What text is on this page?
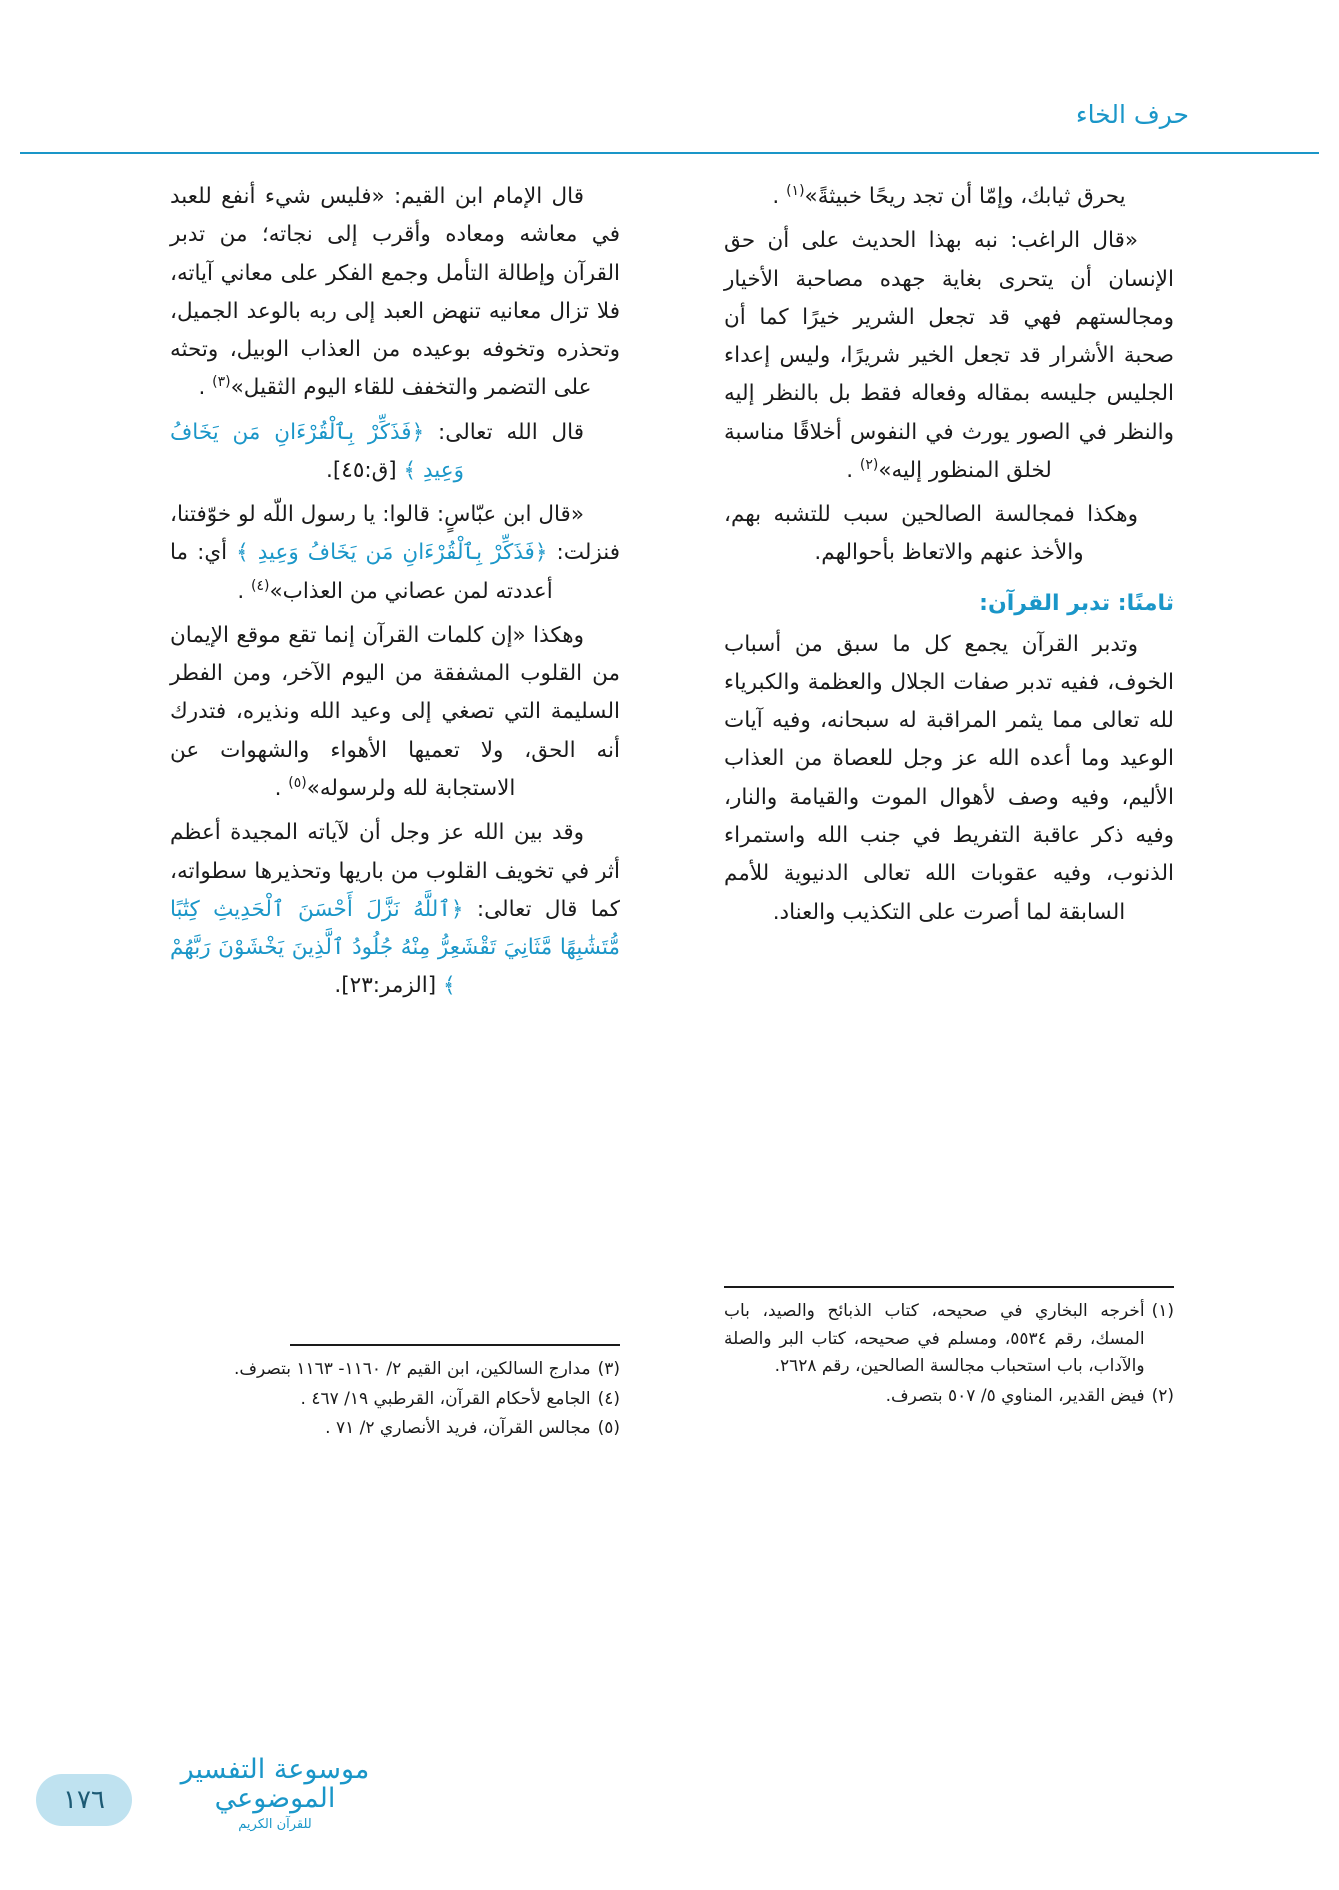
حرف الخاء

يحرق ثيابك، وإمّا أن تجد ريحًا خبيثةً»$^{(١)}$ .

«قال الراغب: نبه بهذا الحديث على أن حق الإنسان أن يتحرى بغاية جهده مصاحبة الأخيار ومجالستهم فهي قد تجعل الشرير خيرًا كما أن صحبة الأشرار قد تجعل الخير شريرًا، وليس إعداء الجليس جليسه بمقاله وفعاله فقط بل بالنظر إليه والنظر في الصور يورث في النفوس أخلاقًا مناسبة لخلق المنظور إليه»$^{(٢)}$ .

وهكذا فمجالسة الصالحين سبب للتشبه بهم، والأخذ عنهم والاتعاظ بأحوالهم.

ثامنًا: تدبر القرآن:

وتدبر القرآن يجمع كل ما سبق من أسباب الخوف، ففيه تدبر صفات الجلال والعظمة والكبرياء لله تعالى مما يثمر المراقبة له سبحانه، وفيه آيات الوعيد وما أعده الله عز وجل للعصاة من العذاب الأليم، وفيه وصف لأهوال الموت والقيامة والنار، وفيه ذكر عاقبة التفريط في جنب الله واستمراء الذنوب، وفيه عقوبات الله تعالى الدنيوية للأمم السابقة لما أصرت على التكذيب والعناد.

قال الإمام ابن القيم: «فليس شيء أنفع للعبد في معاشه ومعاده وأقرب إلى نجاته؛ من تدبر القرآن وإطالة التأمل وجمع الفكر على معاني آياته، فلا تزال معانيه تنهض العبد إلى ربه بالوعد الجميل، وتحذره وتخوفه بوعيده من العذاب الوبيل، وتحثه على التضمر والتخفف للقاء اليوم الثقيل»$^{(٣)}$ .

قال الله تعالى: ﴿فَذَكِّرْ بِٱلْقُرْءَانِ مَن يَخَافُ وَعِيدِ ﴾ [ق:٤٥].

«قال ابن عبّاسٍ: قالوا: يا رسول اللّه لو خوّفتنا، فنزلت: ﴿فَذَكِّرْ بِٱلْقُرْءَانِ مَن يَخَافُ وَعِيدِ ﴾ أي: ما أعددته لمن عصاني من العذاب»$^{(٤)}$ .

وهكذا «إن كلمات القرآن إنما تقع موقع الإيمان من القلوب المشفقة من اليوم الآخر، ومن الفطر السليمة التي تصغي إلى وعيد الله ونذيره، فتدرك أنه الحق، ولا تعميها الأهواء والشهوات عن الاستجابة لله ولرسوله»$^{(٥)}$ .

وقد بين الله عز وجل أن لآياته المجيدة أعظم أثر في تخويف القلوب من باريها وتحذيرها سطواته، كما قال تعالى: ﴿ٱللَّهُ نَزَّلَ أَحْسَنَ ٱلْحَدِيثِ كِتَٰبًا مُّتَشَٰبِهًا مَّثَانِيَ تَقْشَعِرُّ مِنْهُ جُلُودُ ٱلَّذِينَ يَخْشَوْنَ رَبَّهُمْ ﴾ [الزمر:٢٣].

(١)
أخرجه البخاري في صحيحه، كتاب الذبائح والصيد، باب المسك، رقم ٥٥٣٤، ومسلم في صحيحه، كتاب البر والصلة والآداب، باب استحباب مجالسة الصالحين، رقم ٢٦٢٨.
(٢)
فيض القدير، المناوي ٥/ ٥٠٧ بتصرف.
(٣)
مدارج السالكين، ابن القيم ٢/ ١١٦٠- ١١٦٣ بتصرف.
(٤)
الجامع لأحكام القرآن، القرطبي ١٩/ ٤٦٧ .
(٥)
مجالس القرآن، فريد الأنصاري ٢/ ٧١ .
موسوعة التفسير الموضوعي
للقرآن الكريم
١٧٦
